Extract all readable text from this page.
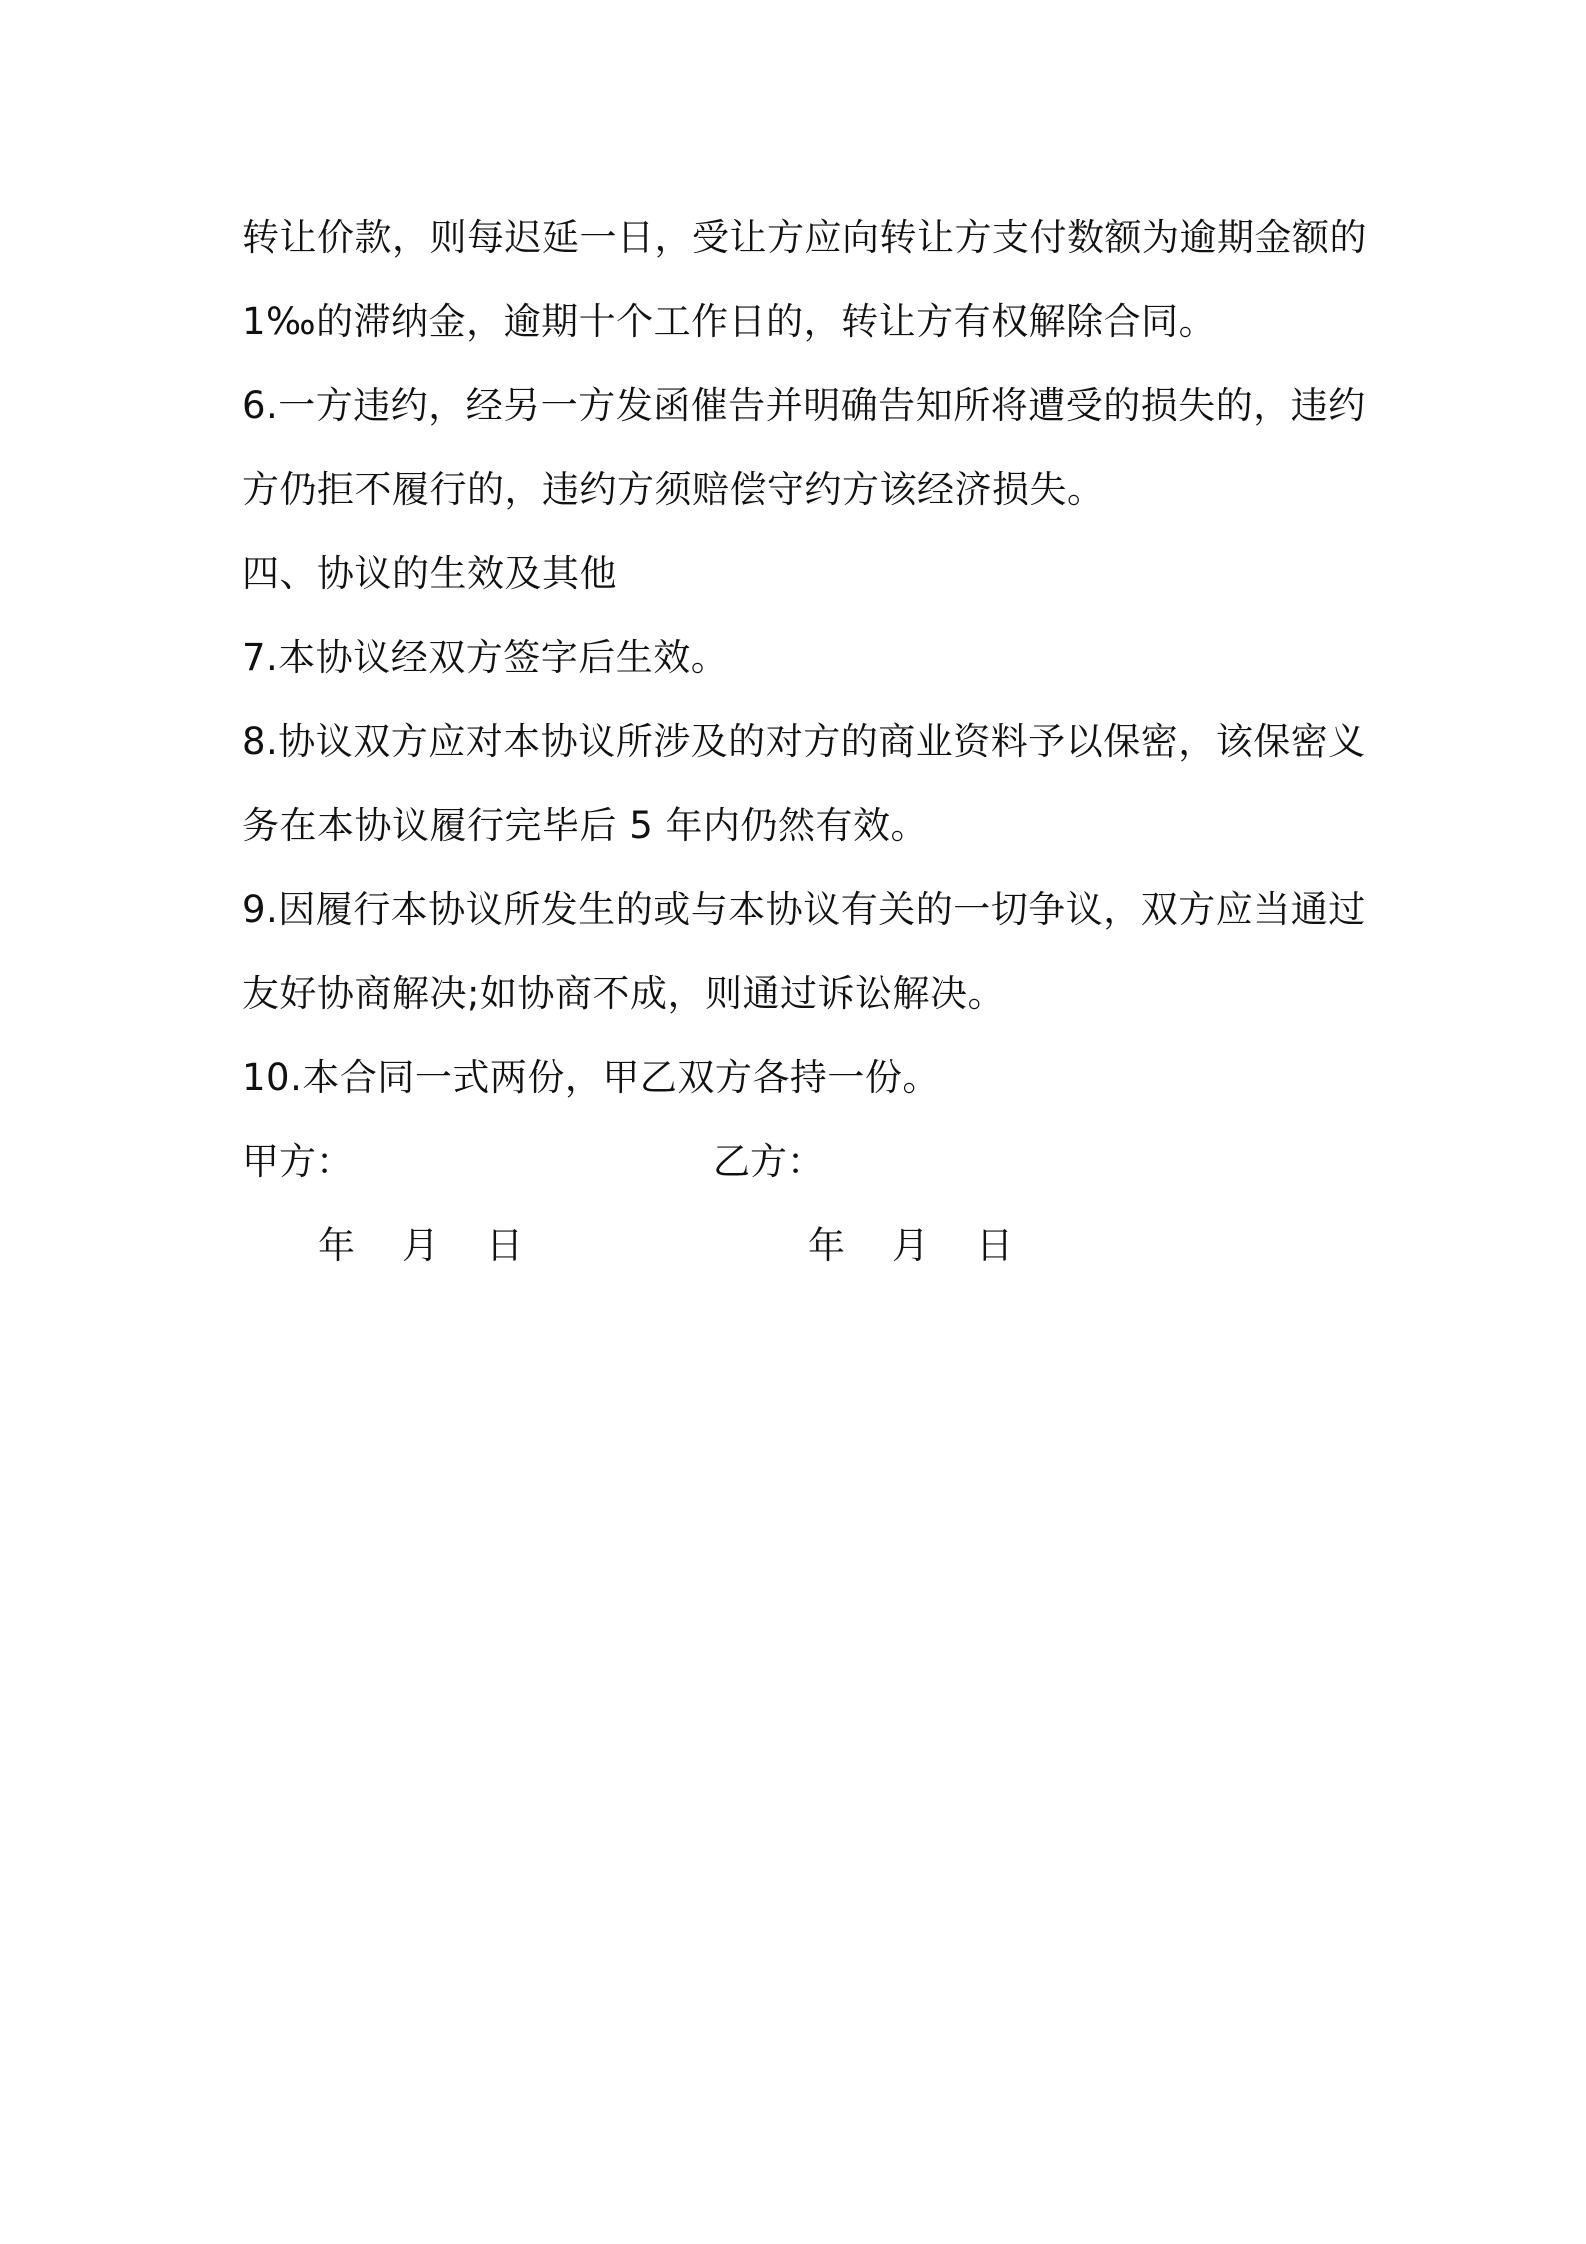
转让价款，则每迟延一日，受让方应向转让方支付数额为逾期金额的
1‰的滞纳金，逾期十个工作日的，转让方有权解除合同。
6.一方违约，经另一方发函催告并明确告知所将遭受的损失的，违约
方仍拒不履行的，违约方须赔偿守约方该经济损失。
四、协议的生效及其他
7.本协议经双方签字后生效。
8.协议双方应对本协议所涉及的对方的商业资料予以保密，该保密义
务在本协议履行完毕后 5 年内仍然有效。
9.因履行本协议所发生的或与本协议有关的一切争议，双方应当通过
友好协商解决;如协商不成，则通过诉讼解决。
10.本合同一式两份，甲乙双方各持一份。
甲方：	乙方：
年    月    日	年    月    日
